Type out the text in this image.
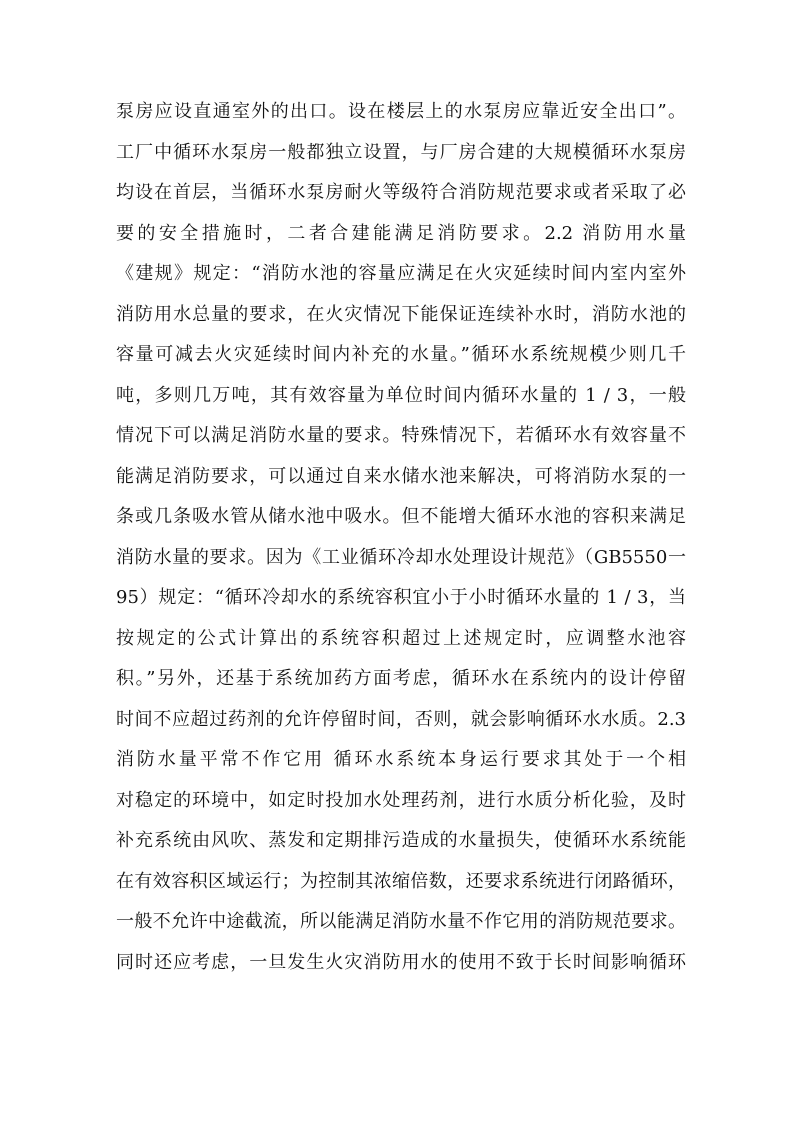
泵房应设直通室外的出口。设在楼层上的水泵房应靠近安全出口”。
工厂中循环水泵房一般都独立设置，与厂房合建的大规模循环水泵房
均设在首层，当循环水泵房耐火等级符合消防规范要求或者采取了必
要的安全措施时，二者合建能满足消防要求。2.2 消防用水量
《建规》规定：“消防水池的容量应满足在火灾延续时间内室内室外
消防用水总量的要求，在火灾情况下能保证连续补水时，消防水池的
容量可减去火灾延续时间内补充的水量。”循环水系统规模少则几千
吨，多则几万吨，其有效容量为单位时间内循环水量的 1 / 3，一般
情况下可以满足消防水量的要求。特殊情况下，若循环水有效容量不
能满足消防要求，可以通过自来水储水池来解决，可将消防水泵的一
条或几条吸水管从储水池中吸水。但不能增大循环水池的容积来满足
消防水量的要求。因为《工业循环冷却水处理设计规范》（GB5550一
95）规定：“循环冷却水的系统容积宜小于小时循环水量的 1 / 3，当
按规定的公式计算出的系统容积超过上述规定时，应调整水池容
积。”另外，还基于系统加药方面考虑，循环水在系统内的设计停留
时间不应超过药剂的允许停留时间，否则，就会影响循环水水质。2.3
消防水量平常不作它用 循环水系统本身运行要求其处于一个相
对稳定的环境中，如定时投加水处理药剂，进行水质分析化验，及时
补充系统由风吹、蒸发和定期排污造成的水量损失，使循环水系统能
在有效容积区域运行；为控制其浓缩倍数，还要求系统进行闭路循环，
一般不允许中途截流，所以能满足消防水量不作它用的消防规范要求。
同时还应考虑，一旦发生火灾消防用水的使用不致于长时间影响循环
